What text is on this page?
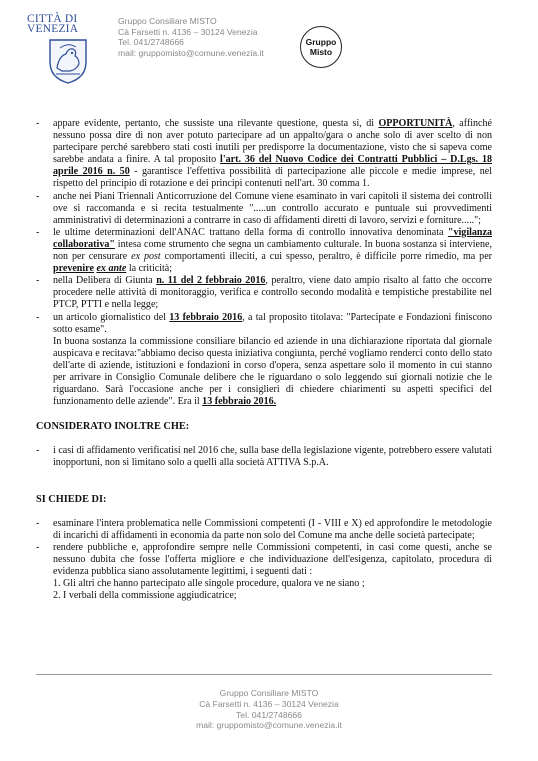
CITTÀ DI
VENEZIA
Gruppo Consiliare MISTO
Cà Farsetti n. 4136 – 30124 Venezia
Tel. 041/2748666
mail: gruppomisto@comune.venezia.it
Gruppo
Misto
- appare evidente, pertanto, che sussiste una rilevante questione, questa si, di OPPORTUNITÀ, affinché nessuno possa dire di non aver potuto partecipare ad un appalto/gara o anche solo di aver scelto di non partecipare perché sarebbero stati costi inutili per predisporre la documentazione, visto che si sapeva come sarebbe andata a finire. A tal proposito l'art. 36 del Nuovo Codice dei Contratti Pubblici – D.Lgs. 18 aprile 2016 n. 50 - garantisce l'effettiva possibilità di partecipazione alle piccole e medie imprese, nel rispetto del principio di rotazione e dei principi contenuti nell'art. 30 comma 1.
- anche nei Piani Triennali Anticorruzione del Comune viene esaminato in vari capitoli il sistema dei controlli ove si raccomanda e si recita testualmente ".....un controllo accurato e puntuale sui provvedimenti amministrativi di determinazioni a contrarre in caso di affidamenti diretti di lavoro, servizi e forniture.....";
- le ultime determinazioni dell'ANAC trattano della forma di controllo innovativa denominata "vigilanza collaborativa" intesa come strumento che segna un cambiamento culturale. In buona sostanza si interviene, non per censurare ex post comportamenti illeciti, a cui spesso, peraltro, è difficile porre rimedio, ma per prevenire ex ante la criticità;
- nella Delibera di Giunta n. 11 del 2 febbraio 2016, peraltro, viene dato ampio risalto al fatto che occorre procedere nelle attività di monitoraggio, verifica e controllo secondo modalità e tempistiche prestabilite nel PTCP, PTTI e nella legge;
- un articolo giornalistico del 13 febbraio 2016, a tal proposito titolava: "Partecipate e Fondazioni finiscono sotto esame".
In buona sostanza la commissione consiliare bilancio ed aziende in una dichiarazione riportata dal giornale auspicava e recitava:"abbiamo deciso questa iniziativa congiunta, perché vogliamo renderci conto dello stato dell'arte di aziende, istituzioni e fondazioni in corso d'opera, senza aspettare solo il momento in cui stanno per arrivare in Consiglio Comunale delibere che le riguardano o solo leggendo sui giornali notizie che le riguardano. Sarà l'occasione anche per i consiglieri di chiedere chiarimenti su aspetti specifici del funzionamento delle aziende". Era il 13 febbraio 2016.
CONSIDERATO INOLTRE CHE:
- i casi di affidamento verificatisi nel 2016 che, sulla base della legislazione vigente, potrebbero essere valutati inopportuni, non si limitano solo a quelli alla società ATTIVA S.p.A.
SI CHIEDE DI:
- esaminare l'intera problematica nelle Commissioni competenti (I - VIII e X) ed approfondire le metodologie di incarichi di affidamenti in economia da parte non solo del Comune ma anche delle società partecipate;
- rendere pubbliche e, approfondire sempre nelle Commissioni competenti, in casi come questi, anche se nessuno dubita che fosse l'offerta migliore e che individuazione dell'esigenza, capitolato, procedura di evidenza pubblica siano assolutamente legittimi, i seguenti dati :
1. Gli altri che hanno partecipato alle singole procedure, qualora ve ne siano ;
2. I verbali della commissione aggiudicatrice;
Gruppo Consiliare MISTO
Cà Farsetti n. 4136 – 30124 Venezia
Tel. 041/2748666
mail: gruppomisto@comune.venezia.it
